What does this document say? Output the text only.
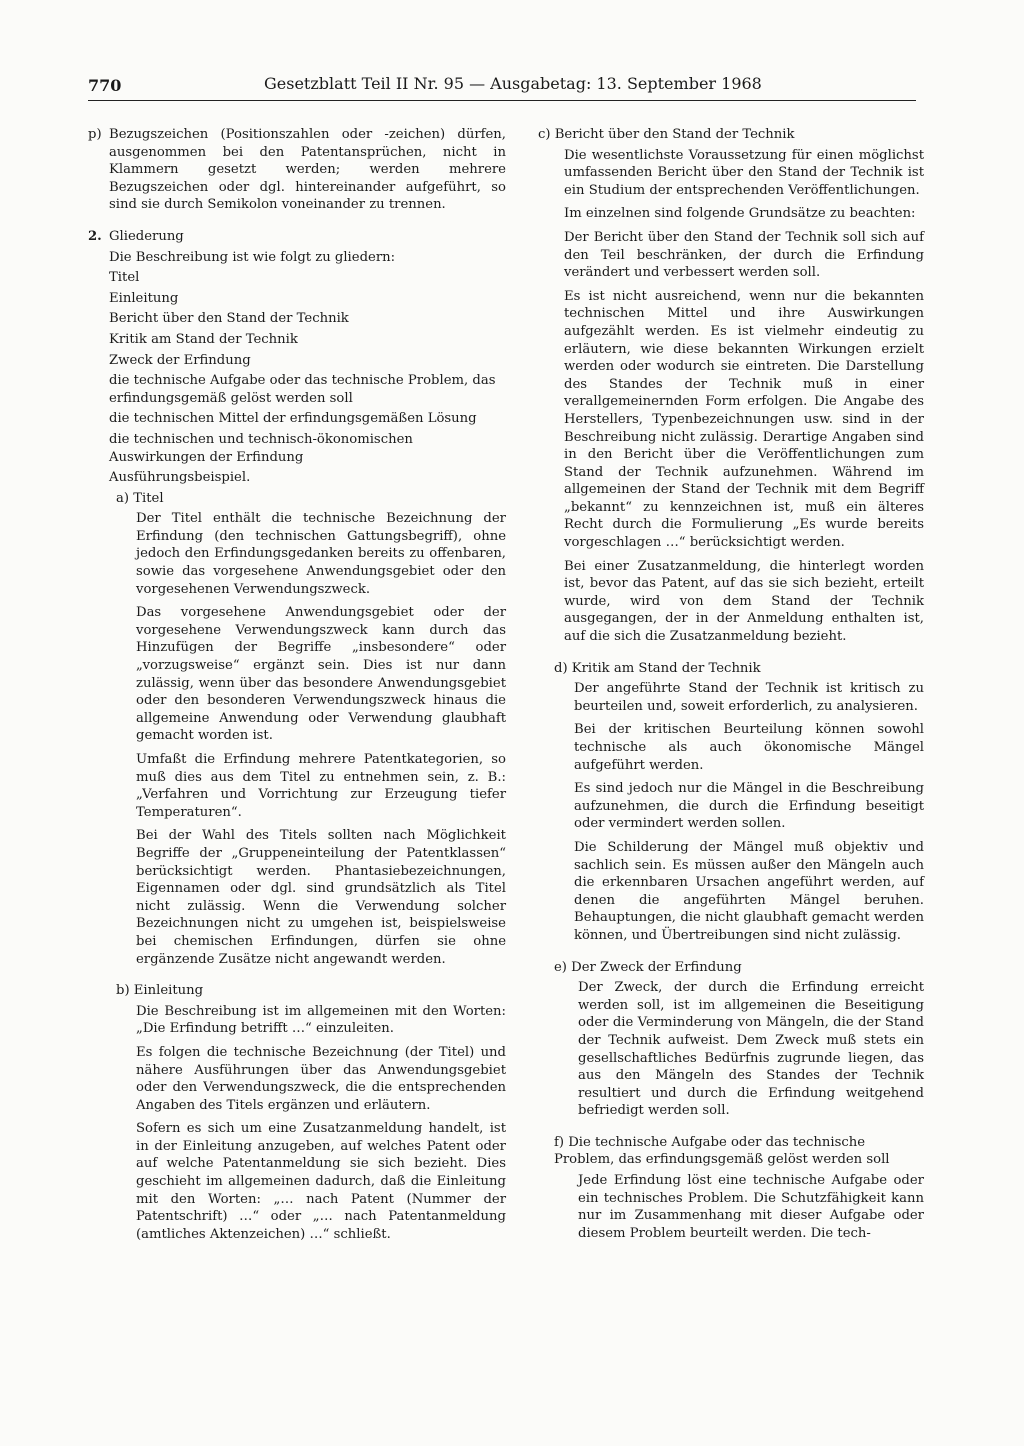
770	Gesetzblatt Teil II Nr. 95 — Ausgabetag: 13. September 1968
p) Bezugszeichen (Positionszahlen oder -zeichen) dürfen, ausgenommen bei den Patentansprüchen, nicht in Klammern gesetzt werden; werden mehrere Bezugszeichen oder dgl. hintereinander aufgeführt, so sind sie durch Semikolon voneinander zu trennen.

2. Gliederung
Die Beschreibung ist wie folgt zu gliedern:
Titel
Einleitung
Bericht über den Stand der Technik
Kritik am Stand der Technik
Zweck der Erfindung
die technische Aufgabe oder das technische Problem, das erfindungsgemäß gelöst werden soll
die technischen Mittel der erfindungsgemäßen Lösung
die technischen und technisch-ökonomischen Auswirkungen der Erfindung
Ausführungsbeispiel.
a) Titel

Der Titel enthält die technische Bezeichnung der Erfindung (den technischen Gattungsbegriff), ohne jedoch den Erfindungsgedanken bereits zu offenbaren, sowie das vorgesehene Anwendungsgebiet oder den vorgesehenen Verwendungszweck.

Das vorgesehene Anwendungsgebiet oder der vorgesehene Verwendungszweck kann durch das Hinzufügen der Begriffe „insbesondere“ oder „vorzugsweise“ ergänzt sein. Dies ist nur dann zulässig, wenn über das besondere Anwendungsgebiet oder den besonderen Verwendungszweck hinaus die allgemeine Anwendung oder Verwendung glaubhaft gemacht worden ist.

Umfaßt die Erfindung mehrere Patentkategorien, so muß dies aus dem Titel zu entnehmen sein, z. B.: „Verfahren und Vorrichtung zur Erzeugung tiefer Temperaturen“.

Bei der Wahl des Titels sollten nach Möglichkeit Begriffe der „Gruppeneinteilung der Patentklassen“ berücksichtigt werden. Phantasiebezeichnungen, Eigennamen oder dgl. sind grundsätzlich als Titel nicht zulässig. Wenn die Verwendung solcher Bezeichnungen nicht zu umgehen ist, beispielsweise bei chemischen Erfindungen, dürfen sie ohne ergänzende Zusätze nicht angewandt werden.

b) Einleitung

Die Beschreibung ist im allgemeinen mit den Worten: „Die Erfindung betrifft …“ einzuleiten.

Es folgen die technische Bezeichnung (der Titel) und nähere Ausführungen über das Anwendungsgebiet oder den Verwendungszweck, die die entsprechenden Angaben des Titels ergänzen und erläutern.

Sofern es sich um eine Zusatzanmeldung handelt, ist in der Einleitung anzugeben, auf welches Patent oder auf welche Patentanmeldung sie sich bezieht. Dies geschieht im allgemeinen dadurch, daß die Einleitung mit den Worten: „… nach Patent (Nummer der Patentschrift) …“ oder „… nach Patentanmeldung (amtliches Aktenzeichen) …“ schließt.

c) Bericht über den Stand der Technik

Die wesentlichste Voraussetzung für einen möglichst umfassenden Bericht über den Stand der Technik ist ein Studium der entsprechenden Veröffentlichungen.

Im einzelnen sind folgende Grundsätze zu beachten:

Der Bericht über den Stand der Technik soll sich auf den Teil beschränken, der durch die Erfindung verändert und verbessert werden soll.

Es ist nicht ausreichend, wenn nur die bekannten technischen Mittel und ihre Auswirkungen aufgezählt werden. Es ist vielmehr eindeutig zu erläutern, wie diese bekannten Wirkungen erzielt werden oder wodurch sie eintreten. Die Darstellung des Standes der Technik muß in einer verallgemeinernden Form erfolgen. Die Angabe des Herstellers, Typenbezeichnungen usw. sind in der Beschreibung nicht zulässig. Derartige Angaben sind in den Bericht über die Veröffentlichungen zum Stand der Technik aufzunehmen. Während im allgemeinen der Stand der Technik mit dem Begriff „bekannt“ zu kennzeichnen ist, muß ein älteres Recht durch die Formulierung „Es wurde bereits vorgeschlagen …“ berücksichtigt werden.

Bei einer Zusatzanmeldung, die hinterlegt worden ist, bevor das Patent, auf das sie sich bezieht, erteilt wurde, wird von dem Stand der Technik ausgegangen, der in der Anmeldung enthalten ist, auf die sich die Zusatzanmeldung bezieht.

d) Kritik am Stand der Technik

Der angeführte Stand der Technik ist kritisch zu beurteilen und, soweit erforderlich, zu analysieren.

Bei der kritischen Beurteilung können sowohl technische als auch ökonomische Mängel aufgeführt werden.

Es sind jedoch nur die Mängel in die Beschreibung aufzunehmen, die durch die Erfindung beseitigt oder vermindert werden sollen.

Die Schilderung der Mängel muß objektiv und sachlich sein. Es müssen außer den Mängeln auch die erkennbaren Ursachen angeführt werden, auf denen die angeführten Mängel beruhen. Behauptungen, die nicht glaubhaft gemacht werden können, und Übertreibungen sind nicht zulässig.

e) Der Zweck der Erfindung

Der Zweck, der durch die Erfindung erreicht werden soll, ist im allgemeinen die Beseitigung oder die Verminderung von Mängeln, die der Stand der Technik aufweist. Dem Zweck muß stets ein gesellschaftliches Bedürfnis zugrunde liegen, das aus den Mängeln des Standes der Technik resultiert und durch die Erfindung weitgehend befriedigt werden soll.

f) Die technische Aufgabe oder das technische Problem, das erfindungsgemäß gelöst werden soll

Jede Erfindung löst eine technische Aufgabe oder ein technisches Problem. Die Schutzfähigkeit kann nur im Zusammenhang mit dieser Aufgabe oder diesem Problem beurteilt werden. Die tech-
